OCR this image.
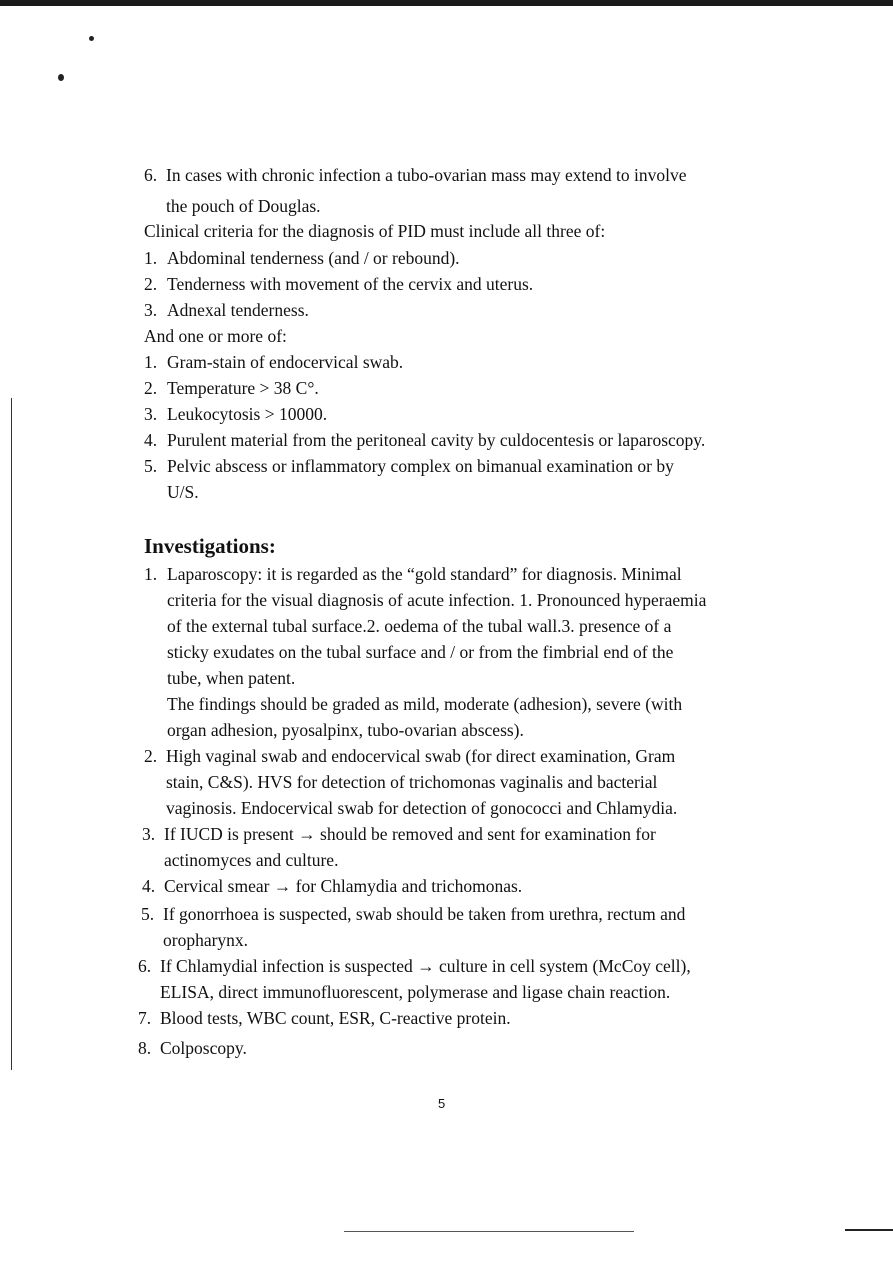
6. In cases with chronic infection a tubo-ovarian mass may extend to involve
the pouch of Douglas.
Clinical criteria for the diagnosis of PID must include all three of:
1. Abdominal tenderness (and / or rebound).
2. Tenderness with movement of the cervix and uterus.
3. Adnexal tenderness.
And one or more of:
1. Gram-stain of endocervical swab.
2. Temperature > 38 C°.
3. Leukocytosis > 10000.
4. Purulent material from the peritoneal cavity by culdocentesis or laparoscopy.
5. Pelvic abscess or inflammatory complex on bimanual examination or by
U/S.
Investigations:
1. Laparoscopy: it is regarded as the “gold standard” for diagnosis. Minimal
criteria for the visual diagnosis of acute infection. 1. Pronounced hyperaemia
of the external tubal surface.2. oedema of the tubal wall.3. presence of a
sticky exudates on the tubal surface and / or from the fimbrial end of the
tube, when patent.
The findings should be graded as mild, moderate (adhesion), severe (with
organ adhesion, pyosalpinx, tubo-ovarian abscess).
2. High vaginal swab and endocervical swab (for direct examination, Gram
stain, C&S). HVS for detection of trichomonas vaginalis and bacterial
vaginosis. Endocervical swab for detection of gonococci and Chlamydia.
3. If IUCD is present → should be removed and sent for examination for
actinomyces and culture.
4. Cervical smear → for Chlamydia and trichomonas.
5. If gonorrhoea is suspected, swab should be taken from urethra, rectum and
oropharynx.
6. If Chlamydial infection is suspected → culture in cell system (McCoy cell),
ELISA, direct immunofluorescent, polymerase and ligase chain reaction.
7. Blood tests, WBC count, ESR, C-reactive protein.
8. Colposcopy.
5
